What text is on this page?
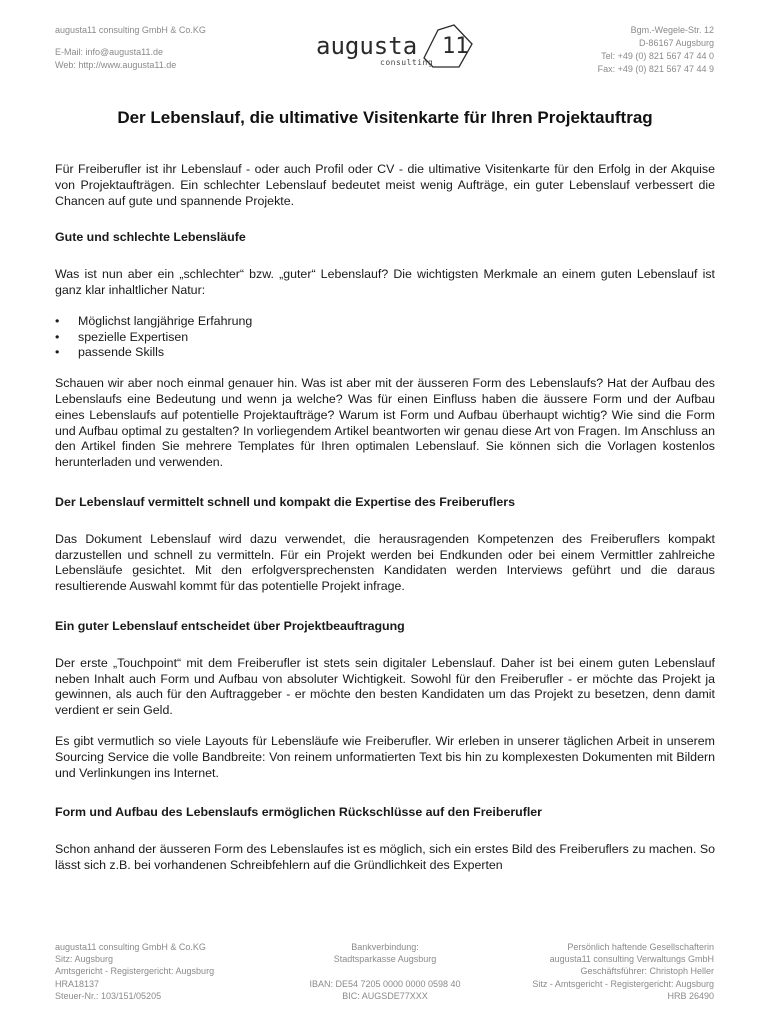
augusta11 consulting GmbH & Co.KG
E-Mail: info@augusta11.de
Web: http://www.augusta11.de
augusta 11
consulting
Bgm.-Wegele-Str. 12
D-86167 Augsburg
Tel: +49 (0) 821 567 47 44 0
Fax: +49 (0) 821 567 47 44 9
Der Lebenslauf, die ultimative Visitenkarte für Ihren Projektauftrag

Für Freiberufler ist ihr Lebenslauf - oder auch Profil oder CV - die ultimative Visitenkarte für den Erfolg in der Akquise von Projektaufträgen. Ein schlechter Lebenslauf bedeutet meist wenig Aufträge, ein guter Lebenslauf verbessert die Chancen auf gute und spannende Projekte.

Gute und schlechte Lebensläufe

Was ist nun aber ein „schlechter“ bzw. „guter“ Lebenslauf? Die wichtigsten Merkmale an einem guten Lebenslauf ist ganz klar inhaltlicher Natur:

• Möglichst langjährige Erfahrung
• spezielle Expertisen
• passende Skills

Schauen wir aber noch einmal genauer hin. Was ist aber mit der äusseren Form des Lebenslaufs? Hat der Aufbau des Lebenslaufs eine Bedeutung und wenn ja welche? Was für einen Einfluss haben die äussere Form und der Aufbau eines Lebenslaufs auf potentielle Projektaufträge? Warum ist Form und Aufbau überhaupt wichtig? Wie sind die Form und Aufbau optimal zu gestalten? In vorliegendem Artikel beantworten wir genau diese Art von Fragen. Im Anschluss an den Artikel finden Sie mehrere Templates für Ihren optimalen Lebenslauf. Sie können sich die Vorlagen kostenlos herunterladen und verwenden.

Der Lebenslauf vermittelt schnell und kompakt die Expertise des Freiberuflers

Das Dokument Lebenslauf wird dazu verwendet, die herausragenden Kompetenzen des Freiberuflers kompakt darzustellen und schnell zu vermitteln. Für ein Projekt werden bei Endkunden oder bei einem Vermittler zahlreiche Lebensläufe gesichtet. Mit den erfolgversprechensten Kandidaten werden Interviews geführt und die daraus resultierende Auswahl kommt für das potentielle Projekt infrage.

Ein guter Lebenslauf entscheidet über Projektbeauftragung

Der erste „Touchpoint“ mit dem Freiberufler ist stets sein digitaler Lebenslauf. Daher ist bei einem guten Lebenslauf neben Inhalt auch Form und Aufbau von absoluter Wichtigkeit. Sowohl für den Freiberufler - er möchte das Projekt ja gewinnen, als auch für den Auftraggeber - er möchte den besten Kandidaten um das Projekt zu besetzen, denn damit verdient er sein Geld.

Es gibt vermutlich so viele Layouts für Lebensläufe wie Freiberufler. Wir erleben in unserer täglichen Arbeit in unserem Sourcing Service die volle Bandbreite: Von reinem unformatierten Text bis hin zu komplexesten Dokumenten mit Bildern und Verlinkungen ins Internet.

Form und Aufbau des Lebenslaufs ermöglichen Rückschlüsse auf den Freiberufler

Schon anhand der äusseren Form des Lebenslaufes ist es möglich, sich ein erstes Bild des Freiberuflers zu machen. So lässt sich z.B. bei vorhandenen Schreibfehlern auf die Gründlichkeit des Experten

augusta11 consulting GmbH & Co.KG
Sitz: Augsburg
Amtsgericht - Registergericht: Augsburg
HRA18137
Steuer-Nr.: 103/151/05205
Bankverbindung:
Stadtsparkasse Augsburg

IBAN: DE54 7205 0000 0000 0598 40
BIC: AUGSDE77XXX
Persönlich haftende Gesellschafterin
augusta11 consulting Verwaltungs GmbH
Geschäftsführer: Christoph Heller
Sitz - Amtsgericht - Registergericht: Augsburg
HRB 26490
